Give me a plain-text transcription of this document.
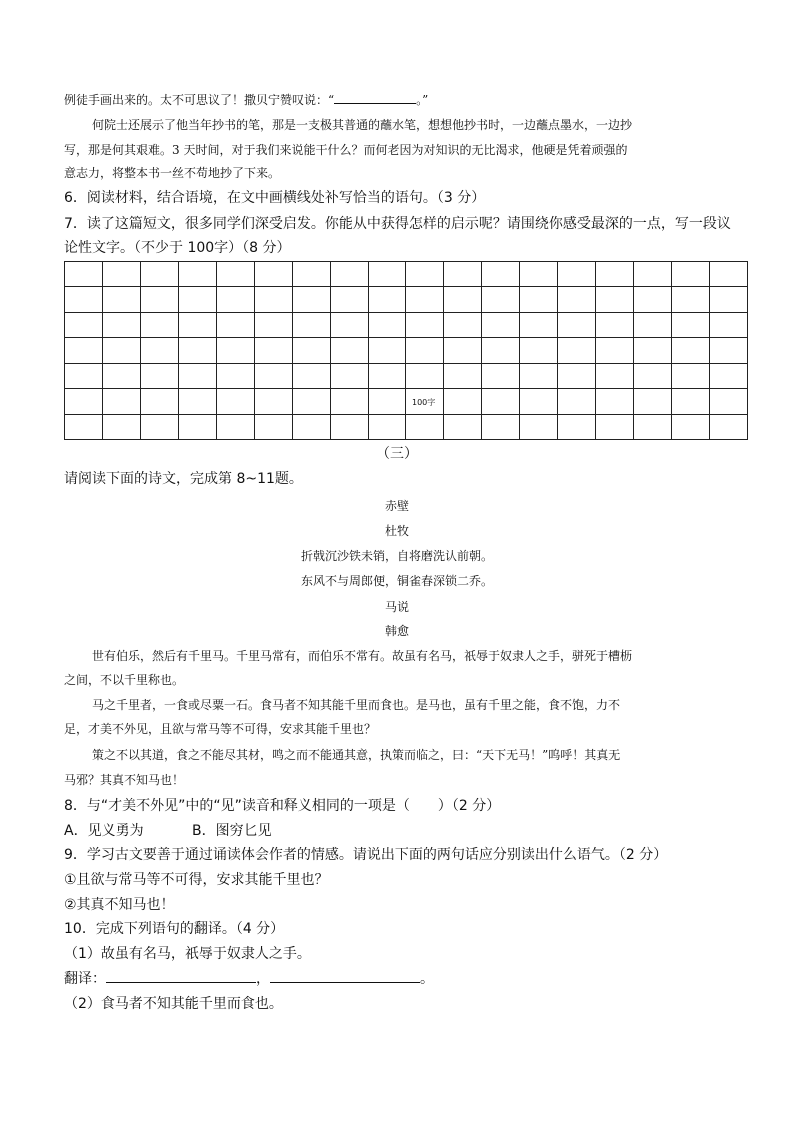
例徒手画出来的。太不可思议了！撒贝宁赞叹说：“	。”
何院士还展示了他当年抄书的笔，那是一支极其普通的蘸水笔，想想他抄书时，一边蘸点墨水，一边抄
写，那是何其艰难。3 天时间，对于我们来说能干什么？而何老因为对知识的无比渴求，他硬是凭着顽强的
意志力，将整本书一丝不苟地抄了下来。
6．阅读材料，结合语境，在文中画横线处补写恰当的语句。（3 分）
7．读了这篇短文，很多同学们深受启发。你能从中获得怎样的启示呢？请围绕你感受最深的一点，写一段议
论性文字。（不少于 100字）（8 分）

100字
（三）
请阅读下面的诗文，完成第 8~11题。
赤壁
杜牧
折戟沉沙铁未销，自将磨洗认前朝。
东风不与周郎便，铜雀春深锁二乔。
马说
韩愈
世有伯乐，然后有千里马。千里马常有，而伯乐不常有。故虽有名马，祇辱于奴隶人之手，骈死于槽枥
之间，不以千里称也。
马之千里者，一食或尽粟一石。食马者不知其能千里而食也。是马也，虽有千里之能，食不饱，力不
足，才美不外见，且欲与常马等不可得，安求其能千里也？
策之不以其道，食之不能尽其材，鸣之而不能通其意，执策而临之，曰：“天下无马！”呜呼！其真无
马邪？其真不知马也！
8．与“才美不外见”中的“见”读音和释义相同的一项是（　　）（2 分）
A．见义勇为	B．图穷匕见
9．学习古文要善于通过诵读体会作者的情感。请说出下面的两句话应分别读出什么语气。（2 分）
①且欲与常马等不可得，安求其能千里也？
②其真不知马也！
10．完成下列语句的翻译。（4 分）
（1）故虽有名马，祇辱于奴隶人之手。
翻译：	，	。
（2）食马者不知其能千里而食也。
